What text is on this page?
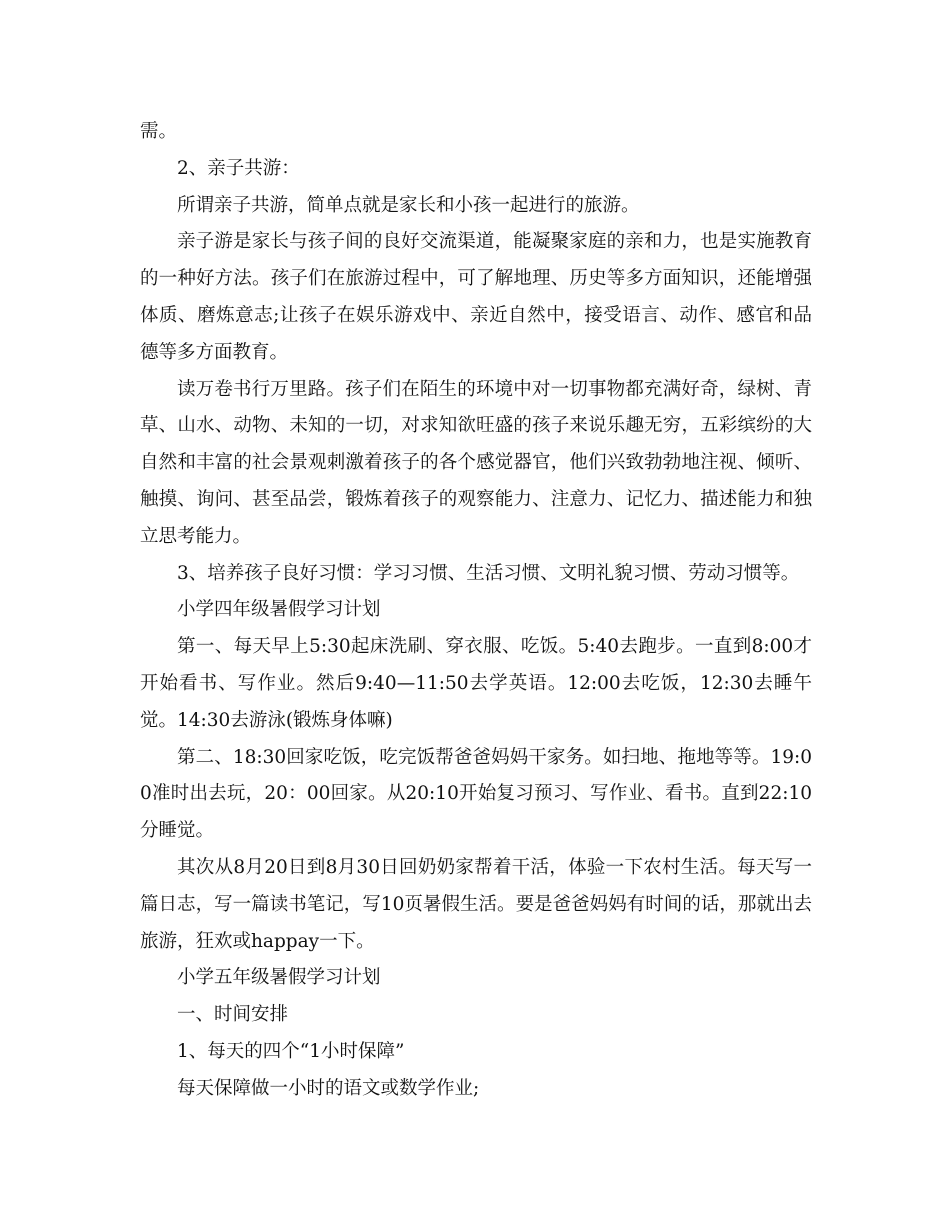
需。

2、亲子共游：

所谓亲子共游，简单点就是家长和小孩一起进行的旅游。

亲子游是家长与孩子间的良好交流渠道，能凝聚家庭的亲和力，也是实施教育的一种好方法。孩子们在旅游过程中，可了解地理、历史等多方面知识，还能增强体质、磨炼意志;让孩子在娱乐游戏中、亲近自然中，接受语言、动作、感官和品德等多方面教育。

读万卷书行万里路。孩子们在陌生的环境中对一切事物都充满好奇，绿树、青草、山水、动物、未知的一切，对求知欲旺盛的孩子来说乐趣无穷，五彩缤纷的大自然和丰富的社会景观刺激着孩子的各个感觉器官，他们兴致勃勃地注视、倾听、触摸、询问、甚至品尝，锻炼着孩子的观察能力、注意力、记忆力、描述能力和独立思考能力。

3、培养孩子良好习惯：学习习惯、生活习惯、文明礼貌习惯、劳动习惯等。

小学四年级暑假学习计划

第一、每天早上5:30起床洗刷、穿衣服、吃饭。5:40去跑步。一直到8:00才开始看书、写作业。然后9:40—11:50去学英语。12:00去吃饭，12:30去睡午觉。14:30去游泳(锻炼身体嘛)

第二、18:30回家吃饭，吃完饭帮爸爸妈妈干家务。如扫地、拖地等等。19:00准时出去玩，20：00回家。从20:10开始复习预习、写作业、看书。直到22:10分睡觉。

其次从8月20日到8月30日回奶奶家帮着干活，体验一下农村生活。每天写一篇日志，写一篇读书笔记，写10页暑假生活。要是爸爸妈妈有时间的话，那就出去旅游，狂欢或happay一下。

小学五年级暑假学习计划

一、时间安排

1、每天的四个“1小时保障”

每天保障做一小时的语文或数学作业;
